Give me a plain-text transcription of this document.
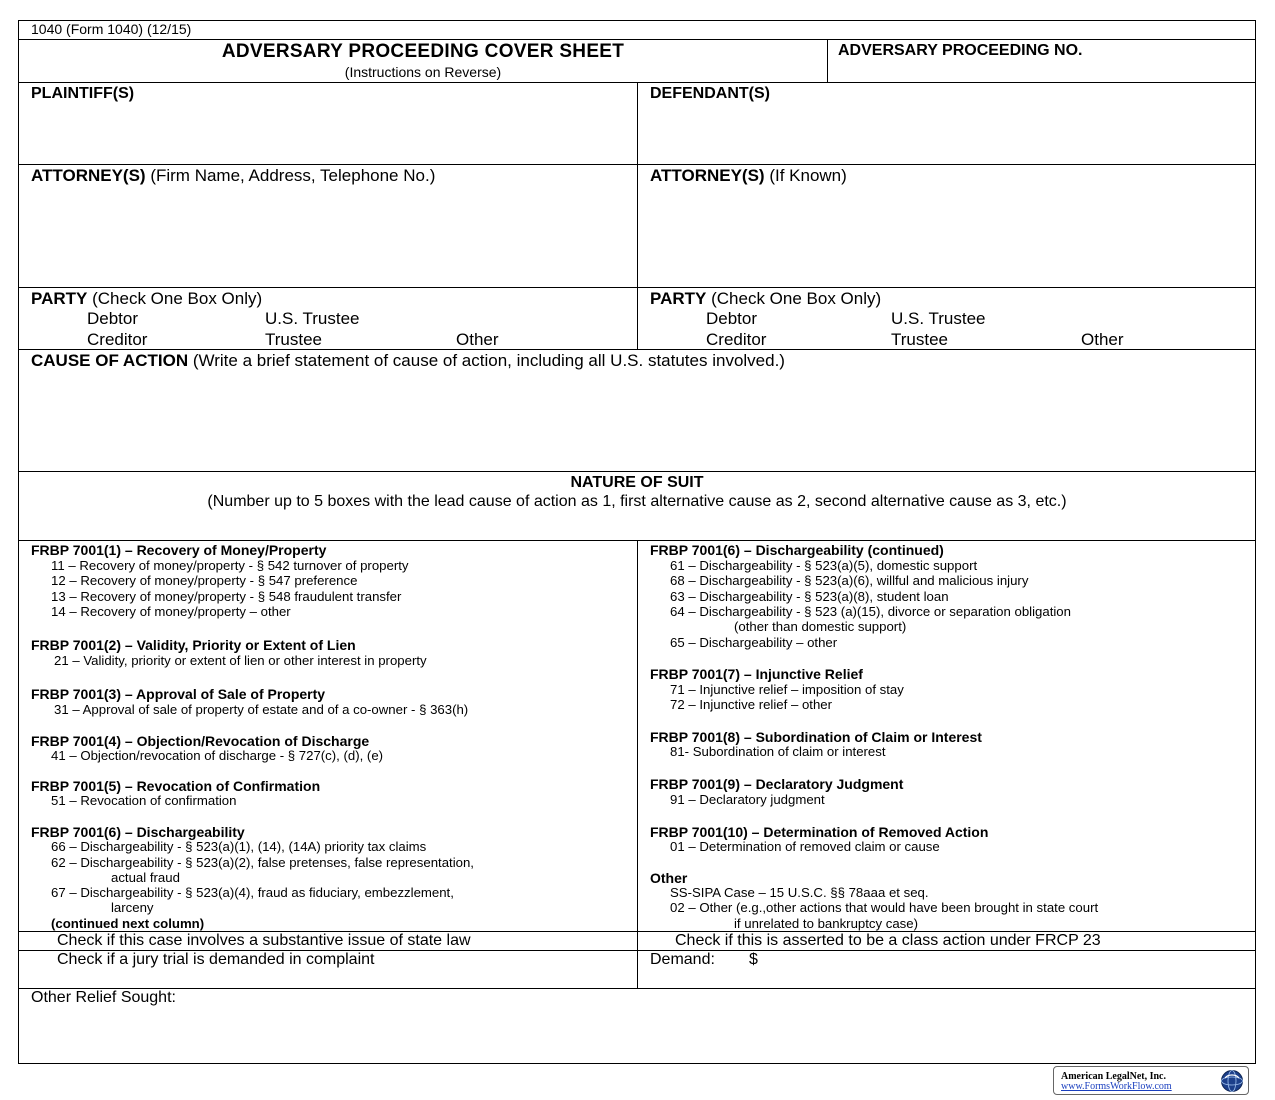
1040 (Form 1040) (12/15)
ADVERSARY PROCEEDING COVER SHEET
(Instructions on Reverse)
ADVERSARY PROCEEDING NO.
PLAINTIFF(S)	DEFENDANT(S)
ATTORNEY(S) (Firm Name, Address, Telephone No.)	ATTORNEY(S) (If Known)
PARTY (Check One Box Only)
Debtor	U.S. Trustee
Creditor	Trustee	Other
PARTY (Check One Box Only)
Debtor	U.S. Trustee
Creditor	Trustee	Other
CAUSE OF ACTION (Write a brief statement of cause of action, including all U.S. statutes involved.)
NATURE OF SUIT
(Number up to 5 boxes with the lead cause of action as 1, first alternative cause as 2, second alternative cause as 3, etc.)
FRBP 7001(1) – Recovery of Money/Property
11 – Recovery of money/property - § 542 turnover of property
12 – Recovery of money/property - § 547 preference
13 – Recovery of money/property - § 548 fraudulent transfer
14 – Recovery of money/property – other
FRBP 7001(2) – Validity, Priority or Extent of Lien
21 – Validity, priority or extent of lien or other interest in property
FRBP 7001(3) – Approval of Sale of Property
31 – Approval of sale of property of estate and of a co-owner - § 363(h)
FRBP 7001(4) – Objection/Revocation of Discharge
41 – Objection/revocation of discharge - § 727(c), (d), (e)
FRBP 7001(5) – Revocation of Confirmation
51 – Revocation of confirmation
FRBP 7001(6) – Dischargeability
66 – Dischargeability - § 523(a)(1), (14), (14A) priority tax claims
62 – Dischargeability - § 523(a)(2), false pretenses, false representation,
actual fraud
67 – Dischargeability - § 523(a)(4), fraud as fiduciary, embezzlement,
larceny
(continued next column)
FRBP 7001(6) – Dischargeability (continued)
61 – Dischargeability - § 523(a)(5), domestic support
68 – Dischargeability - § 523(a)(6), willful and malicious injury
63 – Dischargeability - § 523(a)(8), student loan
64 – Dischargeability - § 523 (a)(15), divorce or separation obligation
(other than domestic support)
65 – Dischargeability – other
FRBP 7001(7) – Injunctive Relief
71 – Injunctive relief – imposition of stay
72 – Injunctive relief – other
FRBP 7001(8) – Subordination of Claim or Interest
81- Subordination of claim or interest
FRBP 7001(9) – Declaratory Judgment
91 – Declaratory judgment
FRBP 7001(10) – Determination of Removed Action
01 – Determination of removed claim or cause
Other
SS-SIPA Case – 15 U.S.C. §§ 78aaa et seq.
02 – Other (e.g.,other actions that would have been brought in state court
if unrelated to bankruptcy case)
Check if this case involves a substantive issue of state law	Check if this is asserted to be a class action under FRCP 23
Check if a jury trial is demanded in complaint	Demand: $
Other Relief Sought:
American LegalNet, Inc.
www.FormsWorkFlow.com
